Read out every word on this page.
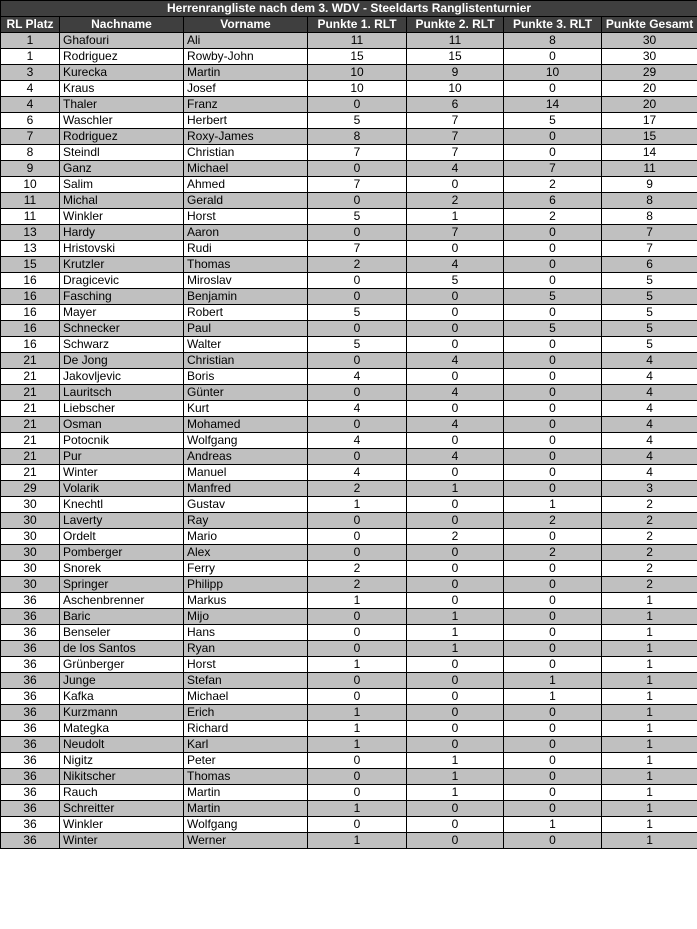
Herrenrangliste nach dem 3. WDV - Steeldarts Ranglistenturnier						
RL Platz	Nachname	Vorname	Punkte 1. RLT	Punkte 2. RLT	Punkte 3. RLT	Punkte Gesamt
1	Ghafouri	Ali	11	11	8	30
1	Rodriguez	Rowby-John	15	15	0	30
3	Kurecka	Martin	10	9	10	29
4	Kraus	Josef	10	10	0	20
4	Thaler	Franz	0	6	14	20
6	Waschler	Herbert	5	7	5	17
7	Rodriguez	Roxy-James	8	7	0	15
8	Steindl	Christian	7	7	0	14
9	Ganz	Michael	0	4	7	11
10	Salim	Ahmed	7	0	2	9
11	Michal	Gerald	0	2	6	8
11	Winkler	Horst	5	1	2	8
13	Hardy	Aaron	0	7	0	7
13	Hristovski	Rudi	7	0	0	7
15	Krutzler	Thomas	2	4	0	6
16	Dragicevic	Miroslav	0	5	0	5
16	Fasching	Benjamin	0	0	5	5
16	Mayer	Robert	5	0	0	5
16	Schnecker	Paul	0	0	5	5
16	Schwarz	Walter	5	0	0	5
21	De Jong	Christian	0	4	0	4
21	Jakovljevic	Boris	4	0	0	4
21	Lauritsch	Günter	0	4	0	4
21	Liebscher	Kurt	4	0	0	4
21	Osman	Mohamed	0	4	0	4
21	Potocnik	Wolfgang	4	0	0	4
21	Pur	Andreas	0	4	0	4
21	Winter	Manuel	4	0	0	4
29	Volarik	Manfred	2	1	0	3
30	Knechtl	Gustav	1	0	1	2
30	Laverty	Ray	0	0	2	2
30	Ordelt	Mario	0	2	0	2
30	Pomberger	Alex	0	0	2	2
30	Snorek	Ferry	2	0	0	2
30	Springer	Philipp	2	0	0	2
36	Aschenbrenner	Markus	1	0	0	1
36	Baric	Mijo	0	1	0	1
36	Benseler	Hans	0	1	0	1
36	de los Santos	Ryan	0	1	0	1
36	Grünberger	Horst	1	0	0	1
36	Junge	Stefan	0	0	1	1
36	Kafka	Michael	0	0	1	1
36	Kurzmann	Erich	1	0	0	1
36	Mategka	Richard	1	0	0	1
36	Neudolt	Karl	1	0	0	1
36	Nigitz	Peter	0	1	0	1
36	Nikitscher	Thomas	0	1	0	1
36	Rauch	Martin	0	1	0	1
36	Schreitter	Martin	1	0	0	1
36	Winkler	Wolfgang	0	0	1	1
36	Winter	Werner	1	0	0	1
